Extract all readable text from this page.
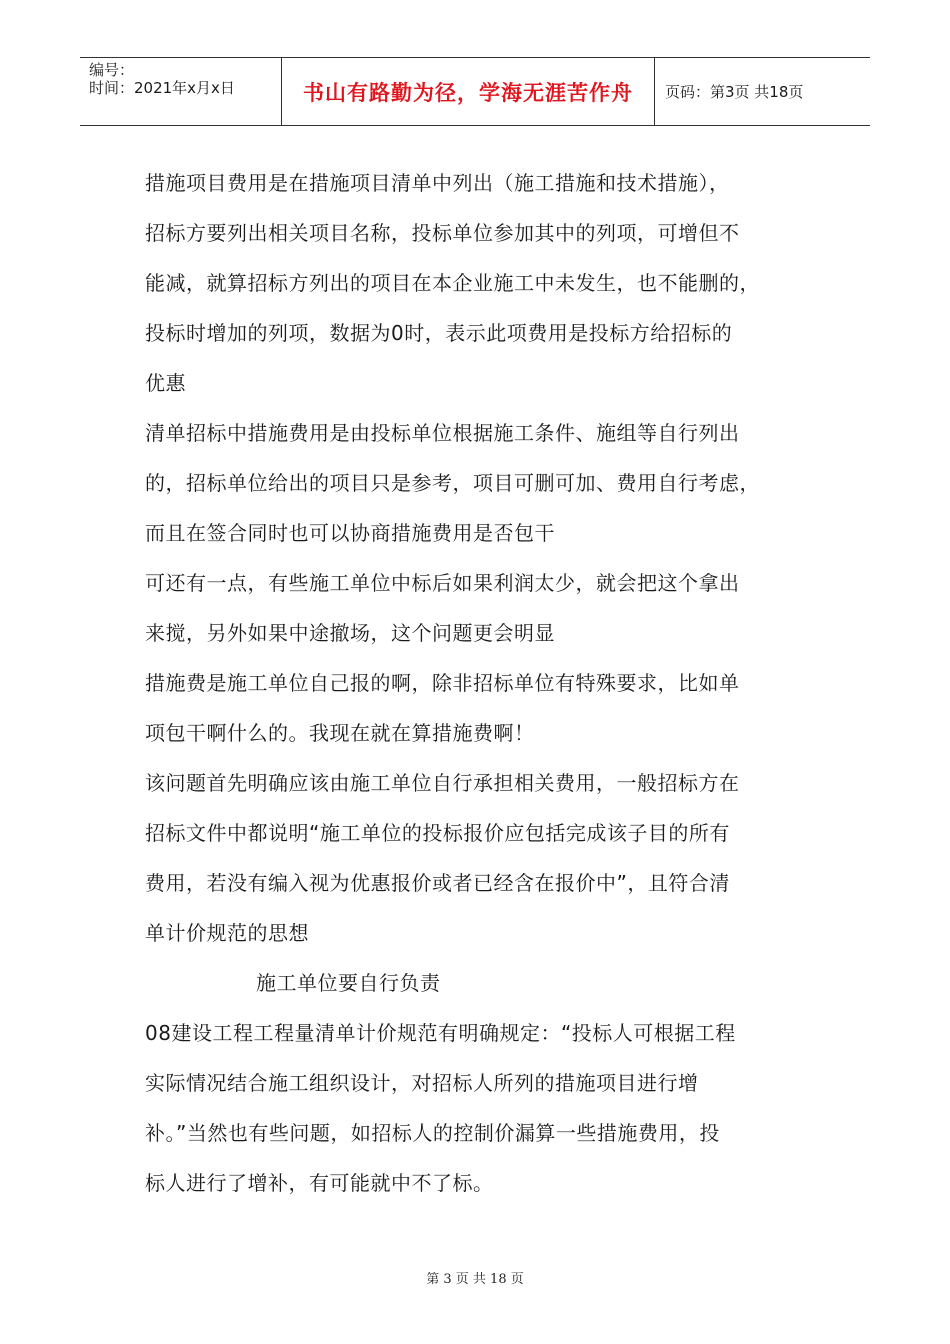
编号：
时间：2021年x月x日	书山有路勤为径，学海无涯苦作舟	页码：第3页 共18页
措施项目费用是在措施项目清单中列出（施工措施和技术措施），
招标方要列出相关项目名称，投标单位参加其中的列项，可增但不
能减，就算招标方列出的项目在本企业施工中未发生，也不能删的，
投标时增加的列项，数据为0时，表示此项费用是投标方给招标的
优惠
清单招标中措施费用是由投标单位根据施工条件、施组等自行列出
的，招标单位给出的项目只是参考，项目可删可加、费用自行考虑，
而且在签合同时也可以协商措施费用是否包干
可还有一点，有些施工单位中标后如果利润太少，就会把这个拿出
来搅，另外如果中途撤场，这个问题更会明显
措施费是施工单位自己报的啊，除非招标单位有特殊要求，比如单
项包干啊什么的。我现在就在算措施费啊！
该问题首先明确应该由施工单位自行承担相关费用，一般招标方在
招标文件中都说明“施工单位的投标报价应包括完成该子目的所有
费用，若没有编入视为优惠报价或者已经含在报价中”，且符合清
单计价规范的思想
施工单位要自行负责
08建设工程工程量清单计价规范有明确规定：“投标人可根据工程
实际情况结合施工组织设计，对招标人所列的措施项目进行增
补。”当然也有些问题，如招标人的控制价漏算一些措施费用，投
标人进行了增补，有可能就中不了标。
第 3 页 共 18 页
